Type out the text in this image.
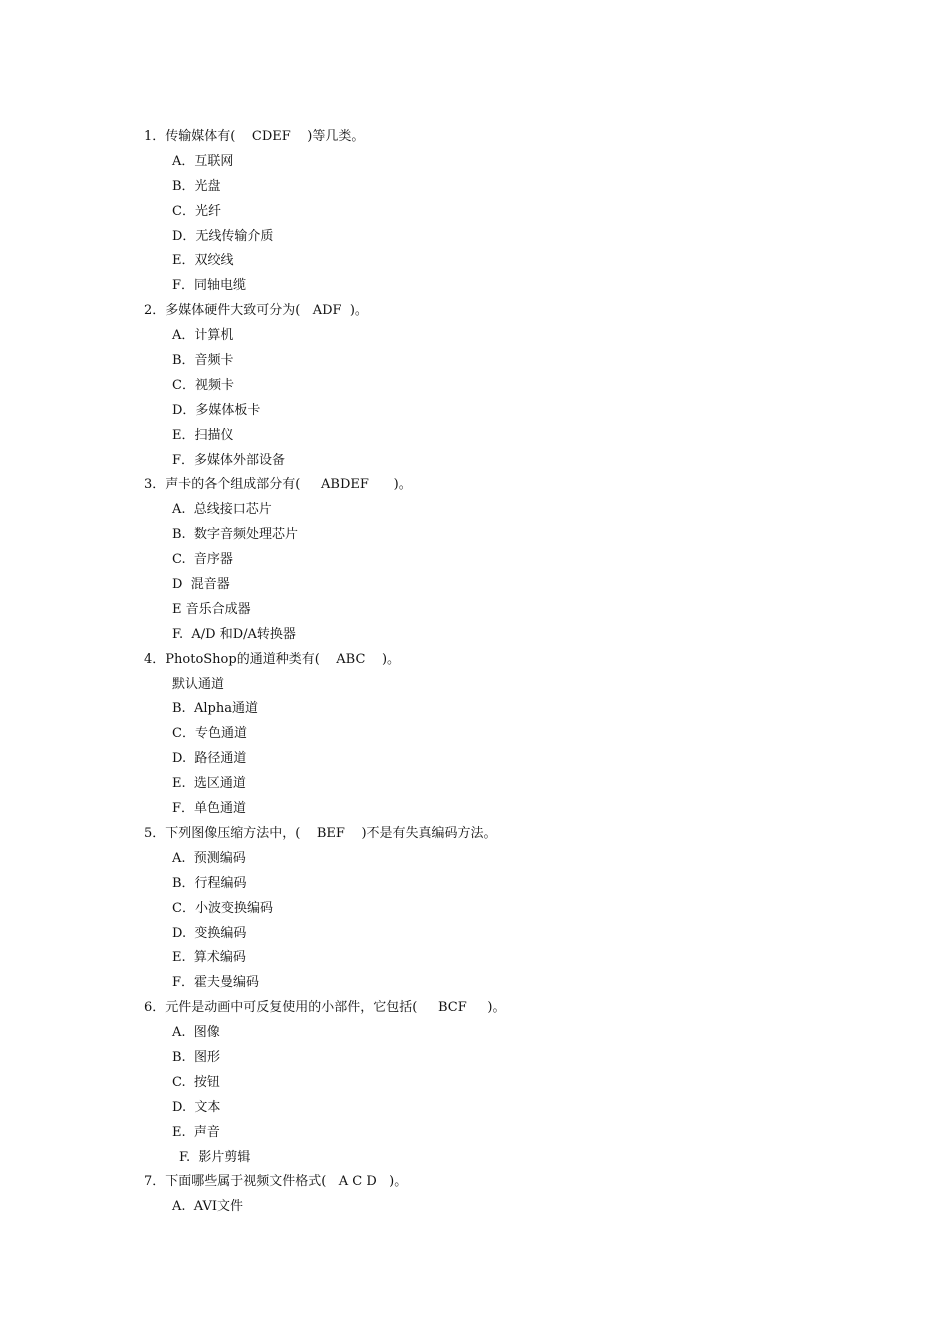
1．传输媒体有(    CDEF    )等几类。
A．互联网
B．光盘
C．光纤
D．无线传输介质
E．双绞线
F．同轴电缆
2．多媒体硬件大致可分为(   ADF  )。
A．计算机
B．音频卡
C．视频卡
D．多媒体板卡
E．扫描仪
F．多媒体外部设备
3．声卡的各个组成部分有(     ABDEF      )。
A.  总线接口芯片
B.  数字音频处理芯片
C.  音序器
D  混音器
E 音乐合成器
F.  A/D 和D/A转换器
4．PhotoShop的通道种类有(    ABC    )。
默认通道
B.  Alpha通道
C．专色通道
D.  路径通道
E.  选区通道
F．单色通道
5．下列图像压缩方法中，(    BEF    )不是有失真编码方法。
A.  预测编码
B．行程编码
C．小波变换编码
D.  变换编码
E.  算术编码
F．霍夫曼编码
6．元件是动画中可反复使用的小部件，它包括(     BCF     )。
A.  图像
B.  图形
C.  按钮
D.  文本
E.  声音
F.  影片剪辑
7．下面哪些属于视频文件格式(   A C D   )。
A.  AVI文件
